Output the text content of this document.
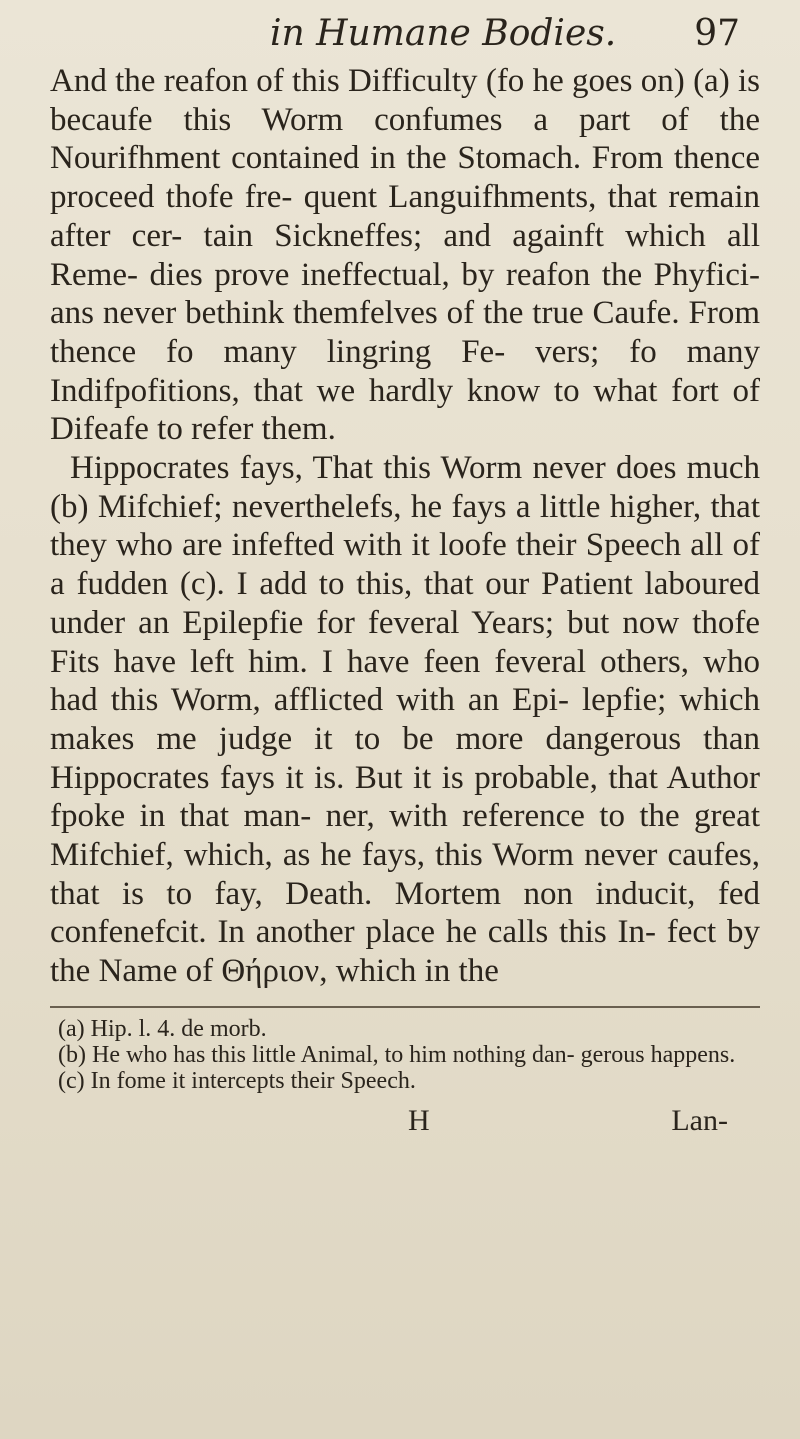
in Humane Bodies. 97

And the reafon of this Difficulty (fo he goes on) (a) is becaufe this Worm confumes a part of the Nourifhment contained in the Stomach. From thence proceed thofe fre- quent Languifhments, that remain after cer- tain Sickneffes; and againft which all Reme- dies prove ineffectual, by reafon the Phyfici- ans never bethink themfelves of the true Caufe. From thence fo many lingring Fe- vers; fo many Indifpofitions, that we hardly know to what fort of Difeafe to refer them.

Hippocrates fays, That this Worm never does much (b) Mifchief; neverthelefs, he fays a little higher, that they who are infefted with it loofe their Speech all of a fudden (c). I add to this, that our Patient laboured under an Epilepfie for feveral Years; but now thofe Fits have left him. I have feen feveral others, who had this Worm, afflicted with an Epi- lepfie; which makes me judge it to be more dangerous than Hippocrates fays it is. But it is probable, that Author fpoke in that man- ner, with reference to the great Mifchief, which, as he fays, this Worm never caufes, that is to fay, Death. Mortem non inducit, fed confenefcit. In another place he calls this In- fect by the Name of Θήριον, which in the

(a) Hip. l. 4. de morb.
(b) He who has this little Animal, to him nothing dan- gerous happens.
(c) In fome it intercepts their Speech.
H	Lan-
